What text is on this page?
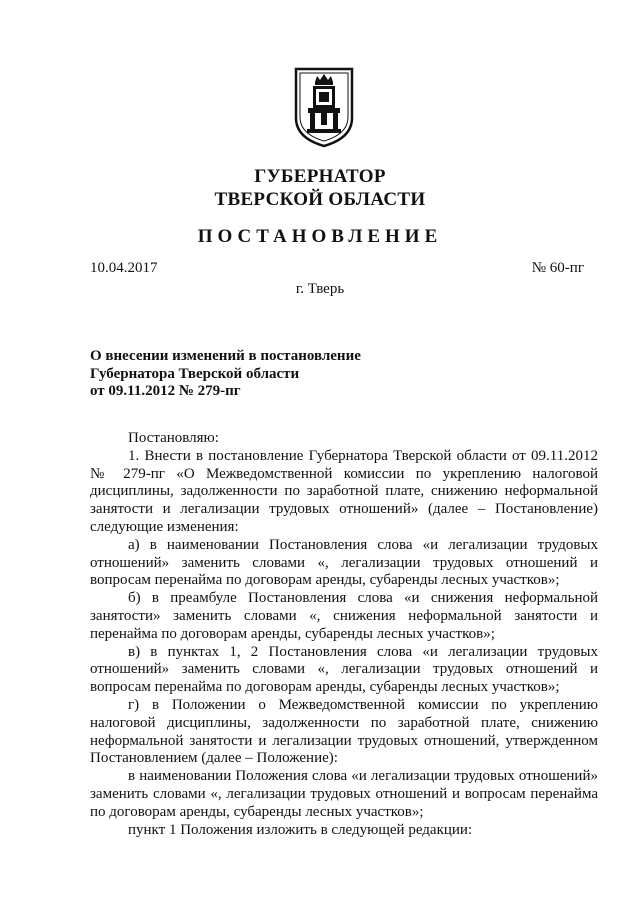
ГУБЕРНАТОР
ТВЕРСКОЙ ОБЛАСТИ
ПОСТАНОВЛЕНИЕ
10.04.2017	№ 60-пг
г. Тверь
О внесении изменений в постановление
Губернатора Тверской области
от 09.11.2012 № 279-пг

Постановляю:

1. Внести в постановление Губернатора Тверской области от 09.11.2012 № 279-пг «О Межведомственной комиссии по укреплению налоговой дисциплины, задолженности по заработной плате, снижению неформальной занятости и легализации трудовых отношений» (далее – Постановление) следующие изменения:

а) в наименовании Постановления слова «и легализации трудовых отношений» заменить словами «, легализации трудовых отношений и вопросам перенайма по договорам аренды, субаренды лесных участков»;

б) в преамбуле Постановления слова «и снижения неформальной занятости» заменить словами «, снижения неформальной занятости и перенайма по договорам аренды, субаренды лесных участков»;

в) в пунктах 1, 2 Постановления слова «и легализации трудовых отношений» заменить словами «, легализации трудовых отношений и вопросам перенайма по договорам аренды, субаренды лесных участков»;

г) в Положении о Межведомственной комиссии по укреплению налоговой дисциплины, задолженности по заработной плате, снижению неформальной занятости и легализации трудовых отношений, утвержденном Постановлением (далее – Положение):

в наименовании Положения слова «и легализации трудовых отношений» заменить словами «, легализации трудовых отношений и вопросам перенайма по договорам аренды, субаренды лесных участков»;

пункт 1 Положения изложить в следующей редакции:
